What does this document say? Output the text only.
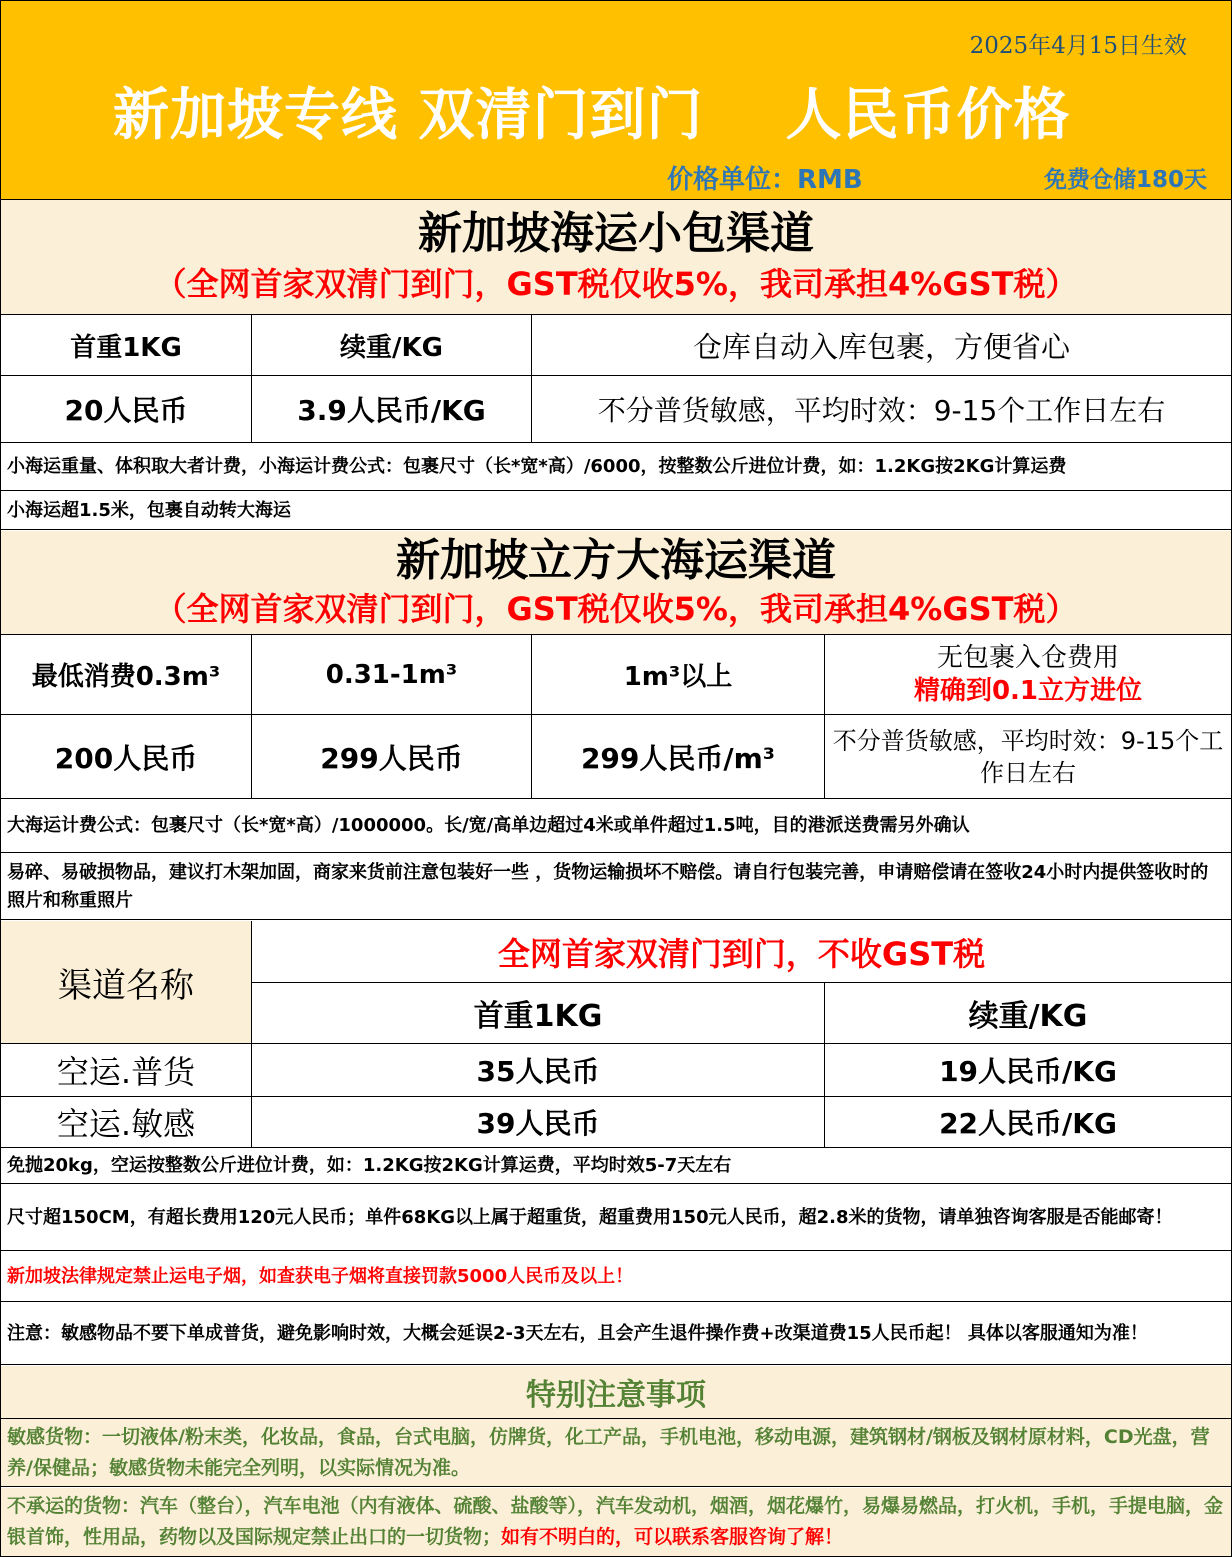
2025年4月15日生效
新加坡专线 双清门到门    人民币价格
价格单位：RMB	免费仓储180天
新加坡海运小包渠道
（全网首家双清门到门，GST税仅收5%，我司承担4%GST税）
首重1KG	续重/KG	仓库自动入库包裹，方便省心
20人民币	3.9人民币/KG	不分普货敏感，平均时效：9-15个工作日左右
小海运重量、体积取大者计费，小海运计费公式：包裹尺寸（长*宽*高）/6000，按整数公斤进位计费，如：1.2KG按2KG计算运费
小海运超1.5米，包裹自动转大海运
新加坡立方大海运渠道
（全网首家双清门到门，GST税仅收5%，我司承担4%GST税）
最低消费0.3m³	0.31-1m³	1m³以上
无包裹入仓费用
精确到0.1立方进位
200人民币	299人民币	299人民币/m³
不分普货敏感，平均时效：9-15个工作日左右
大海运计费公式：包裹尺寸（长*宽*高）/1000000。长/宽/高单边超过4米或单件超过1.5吨，目的港派送费需另外确认
易碎、易破损物品，建议打木架加固，商家来货前注意包装好一些 ，货物运输损坏不赔偿。请自行包装完善，申请赔偿请在签收24小时内提供签收时的照片和称重照片
渠道名称
全网首家双清门到门，不收GST税
首重1KG	续重/KG
空运.普货	35人民币	19人民币/KG
空运.敏感	39人民币	22人民币/KG
免抛20kg，空运按整数公斤进位计费，如：1.2KG按2KG计算运费，平均时效5-7天左右
尺寸超150CM，有超长费用120元人民币；单件68KG以上属于超重货，超重费用150元人民币，超2.8米的货物，请单独咨询客服是否能邮寄！
新加坡法律规定禁止运电子烟，如查获电子烟将直接罚款5000人民币及以上！
注意：敏感物品不要下单成普货，避免影响时效，大概会延误2-3天左右，且会产生退件操作费+改渠道费15人民币起！ 具体以客服通知为准！
特别注意事项
敏感货物：一切液体/粉末类，化妆品，食品，台式电脑，仿牌货，化工产品，手机电池，移动电源，建筑钢材/钢板及钢材原材料，CD光盘，营养/保健品；敏感货物未能完全列明，以实际情况为准。
不承运的货物：汽车（整台），汽车电池（内有液体、硫酸、盐酸等），汽车发动机，烟酒，烟花爆竹，易爆易燃品，打火机，手机，手提电脑，金银首饰，性用品，药物以及国际规定禁止出口的一切货物；如有不明白的，可以联系客服咨询了解！
